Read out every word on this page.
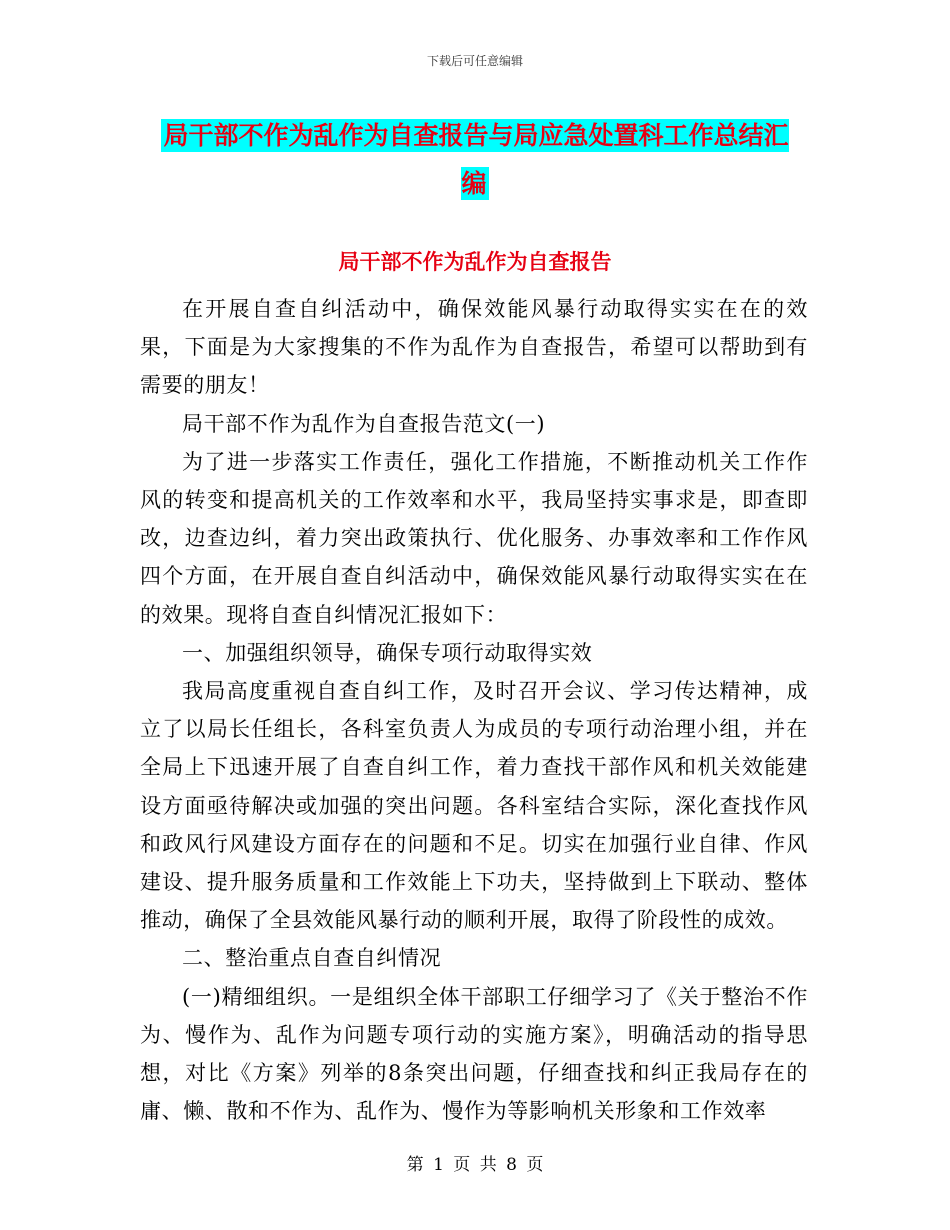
下载后可任意编辑
局干部不作为乱作为自查报告与局应急处置科工作总结汇编
局干部不作为乱作为自查报告

在开展自查自纠活动中，确保效能风暴行动取得实实在在的效果，下面是为大家搜集的不作为乱作为自查报告，希望可以帮助到有需要的朋友！

局干部不作为乱作为自查报告范文(一)

为了进一步落实工作责任，强化工作措施，不断推动机关工作作风的转变和提高机关的工作效率和水平，我局坚持实事求是，即查即改，边查边纠，着力突出政策执行、优化服务、办事效率和工作作风四个方面，在开展自查自纠活动中，确保效能风暴行动取得实实在在的效果。现将自查自纠情况汇报如下：

一、加强组织领导，确保专项行动取得实效

我局高度重视自查自纠工作，及时召开会议、学习传达精神，成立了以局长任组长，各科室负责人为成员的专项行动治理小组，并在全局上下迅速开展了自查自纠工作，着力查找干部作风和机关效能建设方面亟待解决或加强的突出问题。各科室结合实际，深化查找作风和政风行风建设方面存在的问题和不足。切实在加强行业自律、作风建设、提升服务质量和工作效能上下功夫，坚持做到上下联动、整体推动，确保了全县效能风暴行动的顺利开展，取得了阶段性的成效。

二、整治重点自查自纠情况

(一)精细组织。一是组织全体干部职工仔细学习了《关于整治不作为、慢作为、乱作为问题专项行动的实施方案》，明确活动的指导思想，对比《方案》列举的8条突出问题，仔细查找和纠正我局存在的庸、懒、散和不作为、乱作为、慢作为等影响机关形象和工作效率

第 1 页 共 8 页
